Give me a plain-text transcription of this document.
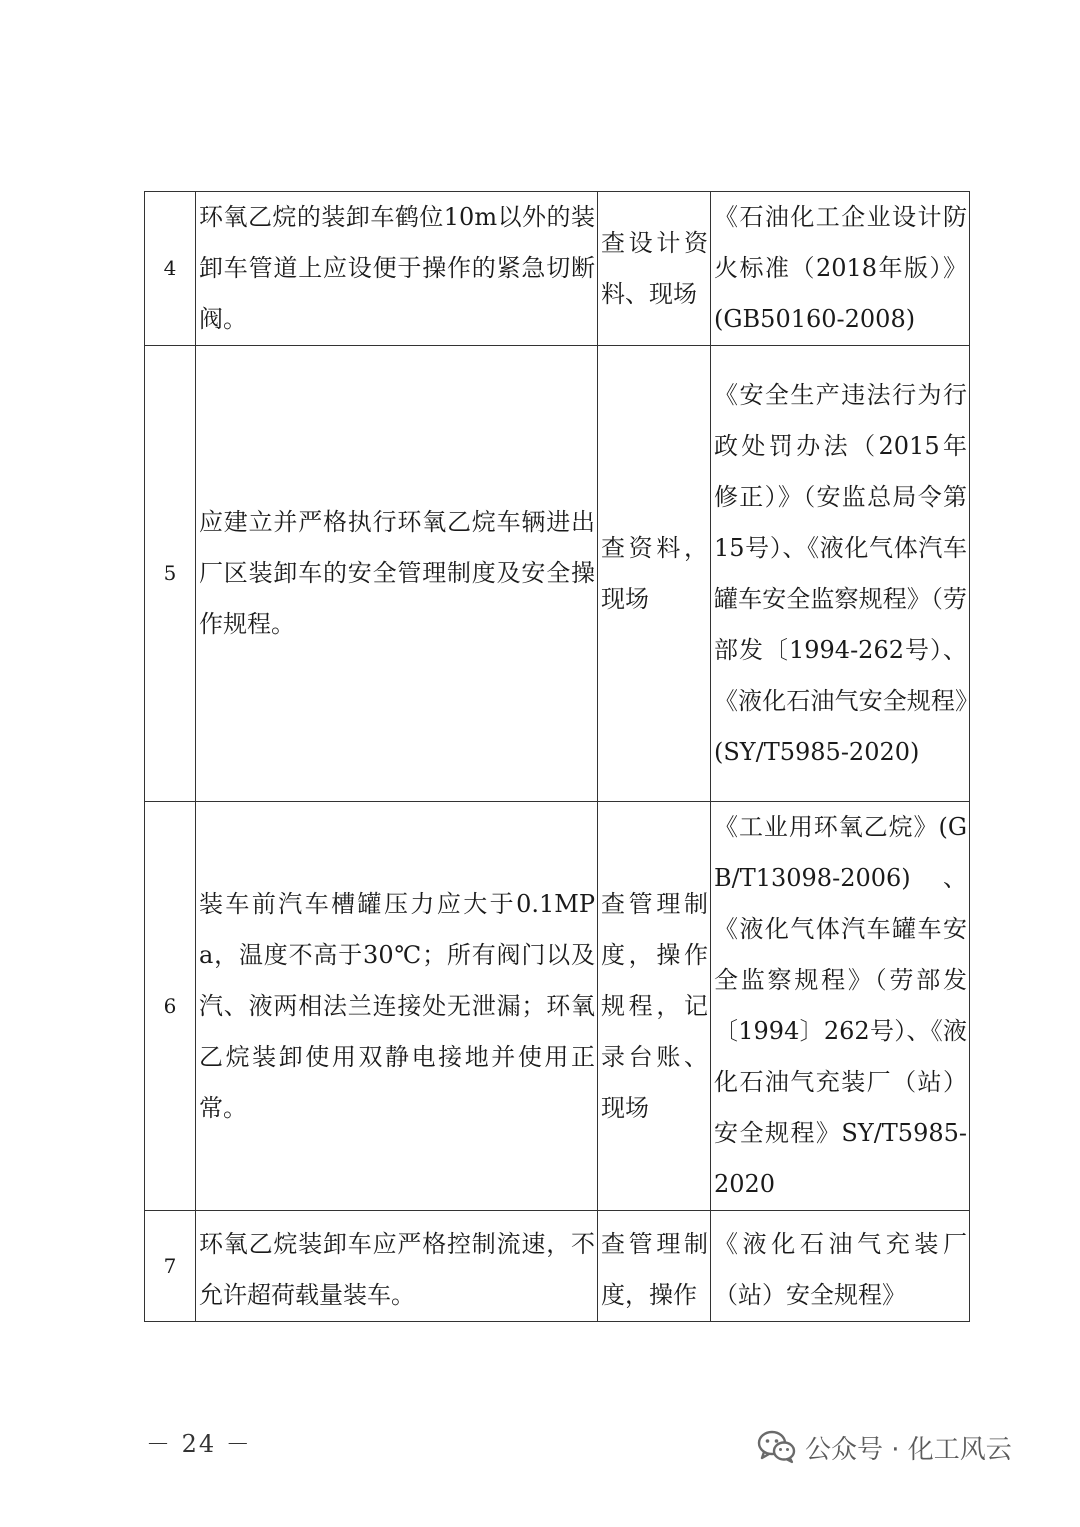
4	环氧乙烷的装卸车鹤位10m以外的装卸车管道上应设便于操作的紧急切断阀。	查设计资料、现场	《石油化工企业设计防火标准（2018年版）》(GB50160-2008)
5	应建立并严格执行环氧乙烷车辆进出厂区装卸车的安全管理制度及安全操作规程。	查资料，现场	《安全生产违法行为行政处罚办法（2015年修正）》（安监总局令第15号）、《液化气体汽车罐车安全监察规程》（劳部发〔1994-262号）、《液化石油气安全规程》(SY/T5985-2020)
6	装车前汽车槽罐压力应大于0.1MPa，温度不高于30℃；所有阀门以及汽、液两相法兰连接处无泄漏；环氧乙烷装卸使用双静电接地并使用正常。	查管理制度，操作规程，记录台账、现场	《工业用环氧乙烷》(GB/T13098-2006)、《液化气体汽车罐车安全监察规程》（劳部发〔1994〕262号）、《液化石油气充装厂（站）安全规程》SY/T5985-2020
7	环氧乙烷装卸车应严格控制流速，不允许超荷载量装车。	查管理制度，操作	《液化石油气充装厂（站）安全规程》
－ 24 －	公众号 · 化工风云
